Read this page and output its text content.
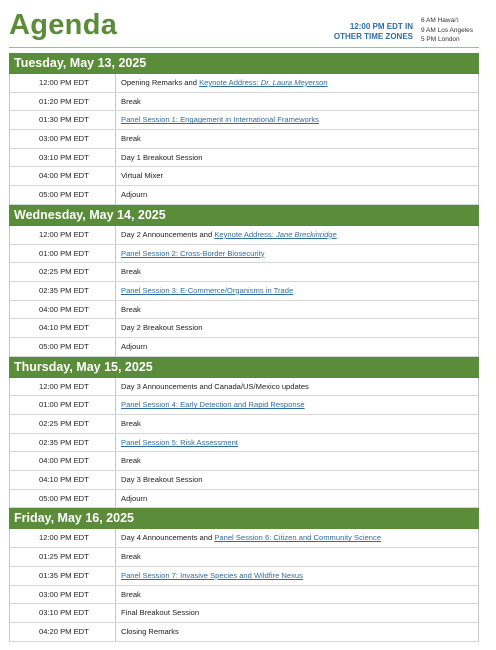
Agenda	12:00 PM EDT IN
OTHER TIME ZONES
6 AM Hawai‘i
9 AM Los Angeles
5 PM London
Tuesday, May 13, 2025
12:00 PM EDT	Opening Remarks and Keynote Address: Dr. Laura Meyerson
01:20 PM EDT	Break
01:30 PM EDT	Panel Session 1: Engagement in International Frameworks
03:00 PM EDT	Break
03:10 PM EDT	Day 1 Breakout Session
04:00 PM EDT	Virtual Mixer
05:00 PM EDT	Adjourn
Wednesday, May 14, 2025
12:00 PM EDT	Day 2 Announcements and Keynote Address: Jane Breckinridge
01:00 PM EDT	Panel Session 2: Cross-Border Biosecurity
02:25 PM EDT	Break
02:35 PM EDT	Panel Session 3: E-Commerce/Organisms in Trade
04:00 PM EDT	Break
04:10 PM EDT	Day 2 Breakout Session
05:00 PM EDT	Adjourn
Thursday, May 15, 2025
12:00 PM EDT	Day 3 Announcements and Canada/US/Mexico updates
01:00 PM EDT	Panel Session 4: Early Detection and Rapid Response
02:25 PM EDT	Break
02:35 PM EDT	Panel Session 5: Risk Assessment
04:00 PM EDT	Break
04:10 PM EDT	Day 3 Breakout Session
05:00 PM EDT	Adjourn
Friday, May 16, 2025
12:00 PM EDT	Day 4 Announcements and Panel Session 6: Citizen and Community Science
01:25 PM EDT	Break
01:35 PM EDT	Panel Session 7: Invasive Species and Wildfire Nexus
03:00 PM EDT	Break
03:10 PM EDT	Final Breakout Session
04:20 PM EDT	Closing Remarks
